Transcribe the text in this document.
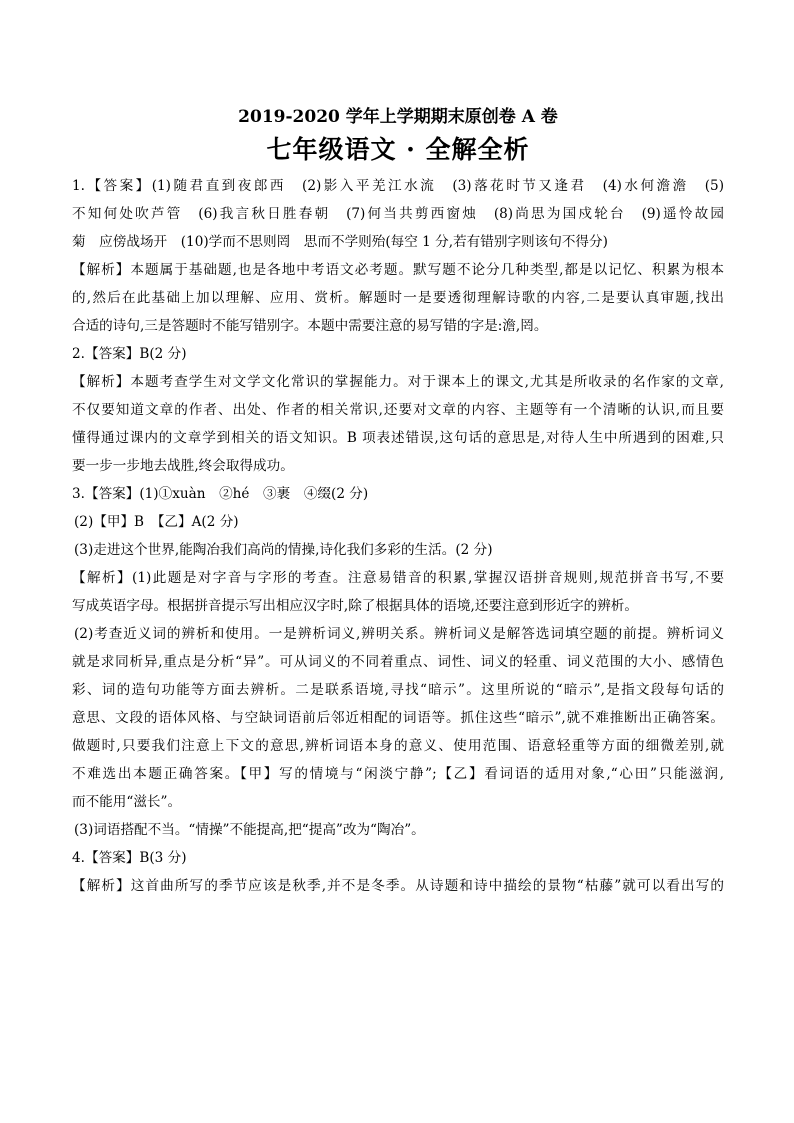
2019-2020 学年上学期期末原创卷 A 卷
七年级语文 · 全解全析
1.【答案】(1)随君直到夜郎西　(2)影入平羌江水流　(3)落花时节又逢君　(4)水何澹澹　(5)
不知何处吹芦管　(6)我言秋日胜春朝　(7)何当共剪西窗烛　(8)尚思为国戍轮台　(9)遥怜故园
菊　应傍战场开　(10)学而不思则罔　思而不学则殆(每空 1 分,若有错别字则该句不得分)
【解析】本题属于基础题,也是各地中考语文必考题。默写题不论分几种类型,都是以记忆、积累为根本
的,然后在此基础上加以理解、应用、赏析。解题时一是要透彻理解诗歌的内容,二是要认真审题,找出
合适的诗句,三是答题时不能写错别字。本题中需要注意的易写错的字是:澹,罔。
2.【答案】B(2 分)
【解析】本题考查学生对文学文化常识的掌握能力。对于课本上的课文,尤其是所收录的名作家的文章,
不仅要知道文章的作者、出处、作者的相关常识,还要对文章的内容、主题等有一个清晰的认识,而且要
懂得通过课内的文章学到相关的语文知识。B 项表述错误,这句话的意思是,对待人生中所遇到的困难,只
要一步一步地去战胜,终会取得成功。
3.【答案】(1)①xuàn　②hé　③裹　④缀(2 分)
(2)【甲】B　【乙】A(2 分)
(3)走进这个世界,能陶冶我们高尚的情操,诗化我们多彩的生活。(2 分)
【解析】(1)此题是对字音与字形的考查。注意易错音的积累,掌握汉语拼音规则,规范拼音书写,不要
写成英语字母。根据拼音提示写出相应汉字时,除了根据具体的语境,还要注意到形近字的辨析。
(2)考查近义词的辨析和使用。一是辨析词义,辨明关系。辨析词义是解答选词填空题的前提。辨析词义
就是求同析异,重点是分析“异”。可从词义的不同着重点、词性、词义的轻重、词义范围的大小、感情色
彩、词的造句功能等方面去辨析。二是联系语境,寻找“暗示”。这里所说的“暗示”,是指文段每句话的
意思、文段的语体风格、与空缺词语前后邻近相配的词语等。抓住这些“暗示”,就不难推断出正确答案。
做题时,只要我们注意上下文的意思,辨析词语本身的意义、使用范围、语意轻重等方面的细微差别,就
不难选出本题正确答案。【甲】写的情境与“闲淡宁静”;【乙】看词语的适用对象,“心田”只能滋润,
而不能用“滋长”。
(3)词语搭配不当。“情操”不能提高,把“提高”改为“陶冶”。
4.【答案】B(3 分)
【解析】这首曲所写的季节应该是秋季,并不是冬季。从诗题和诗中描绘的景物“枯藤”就可以看出写的
